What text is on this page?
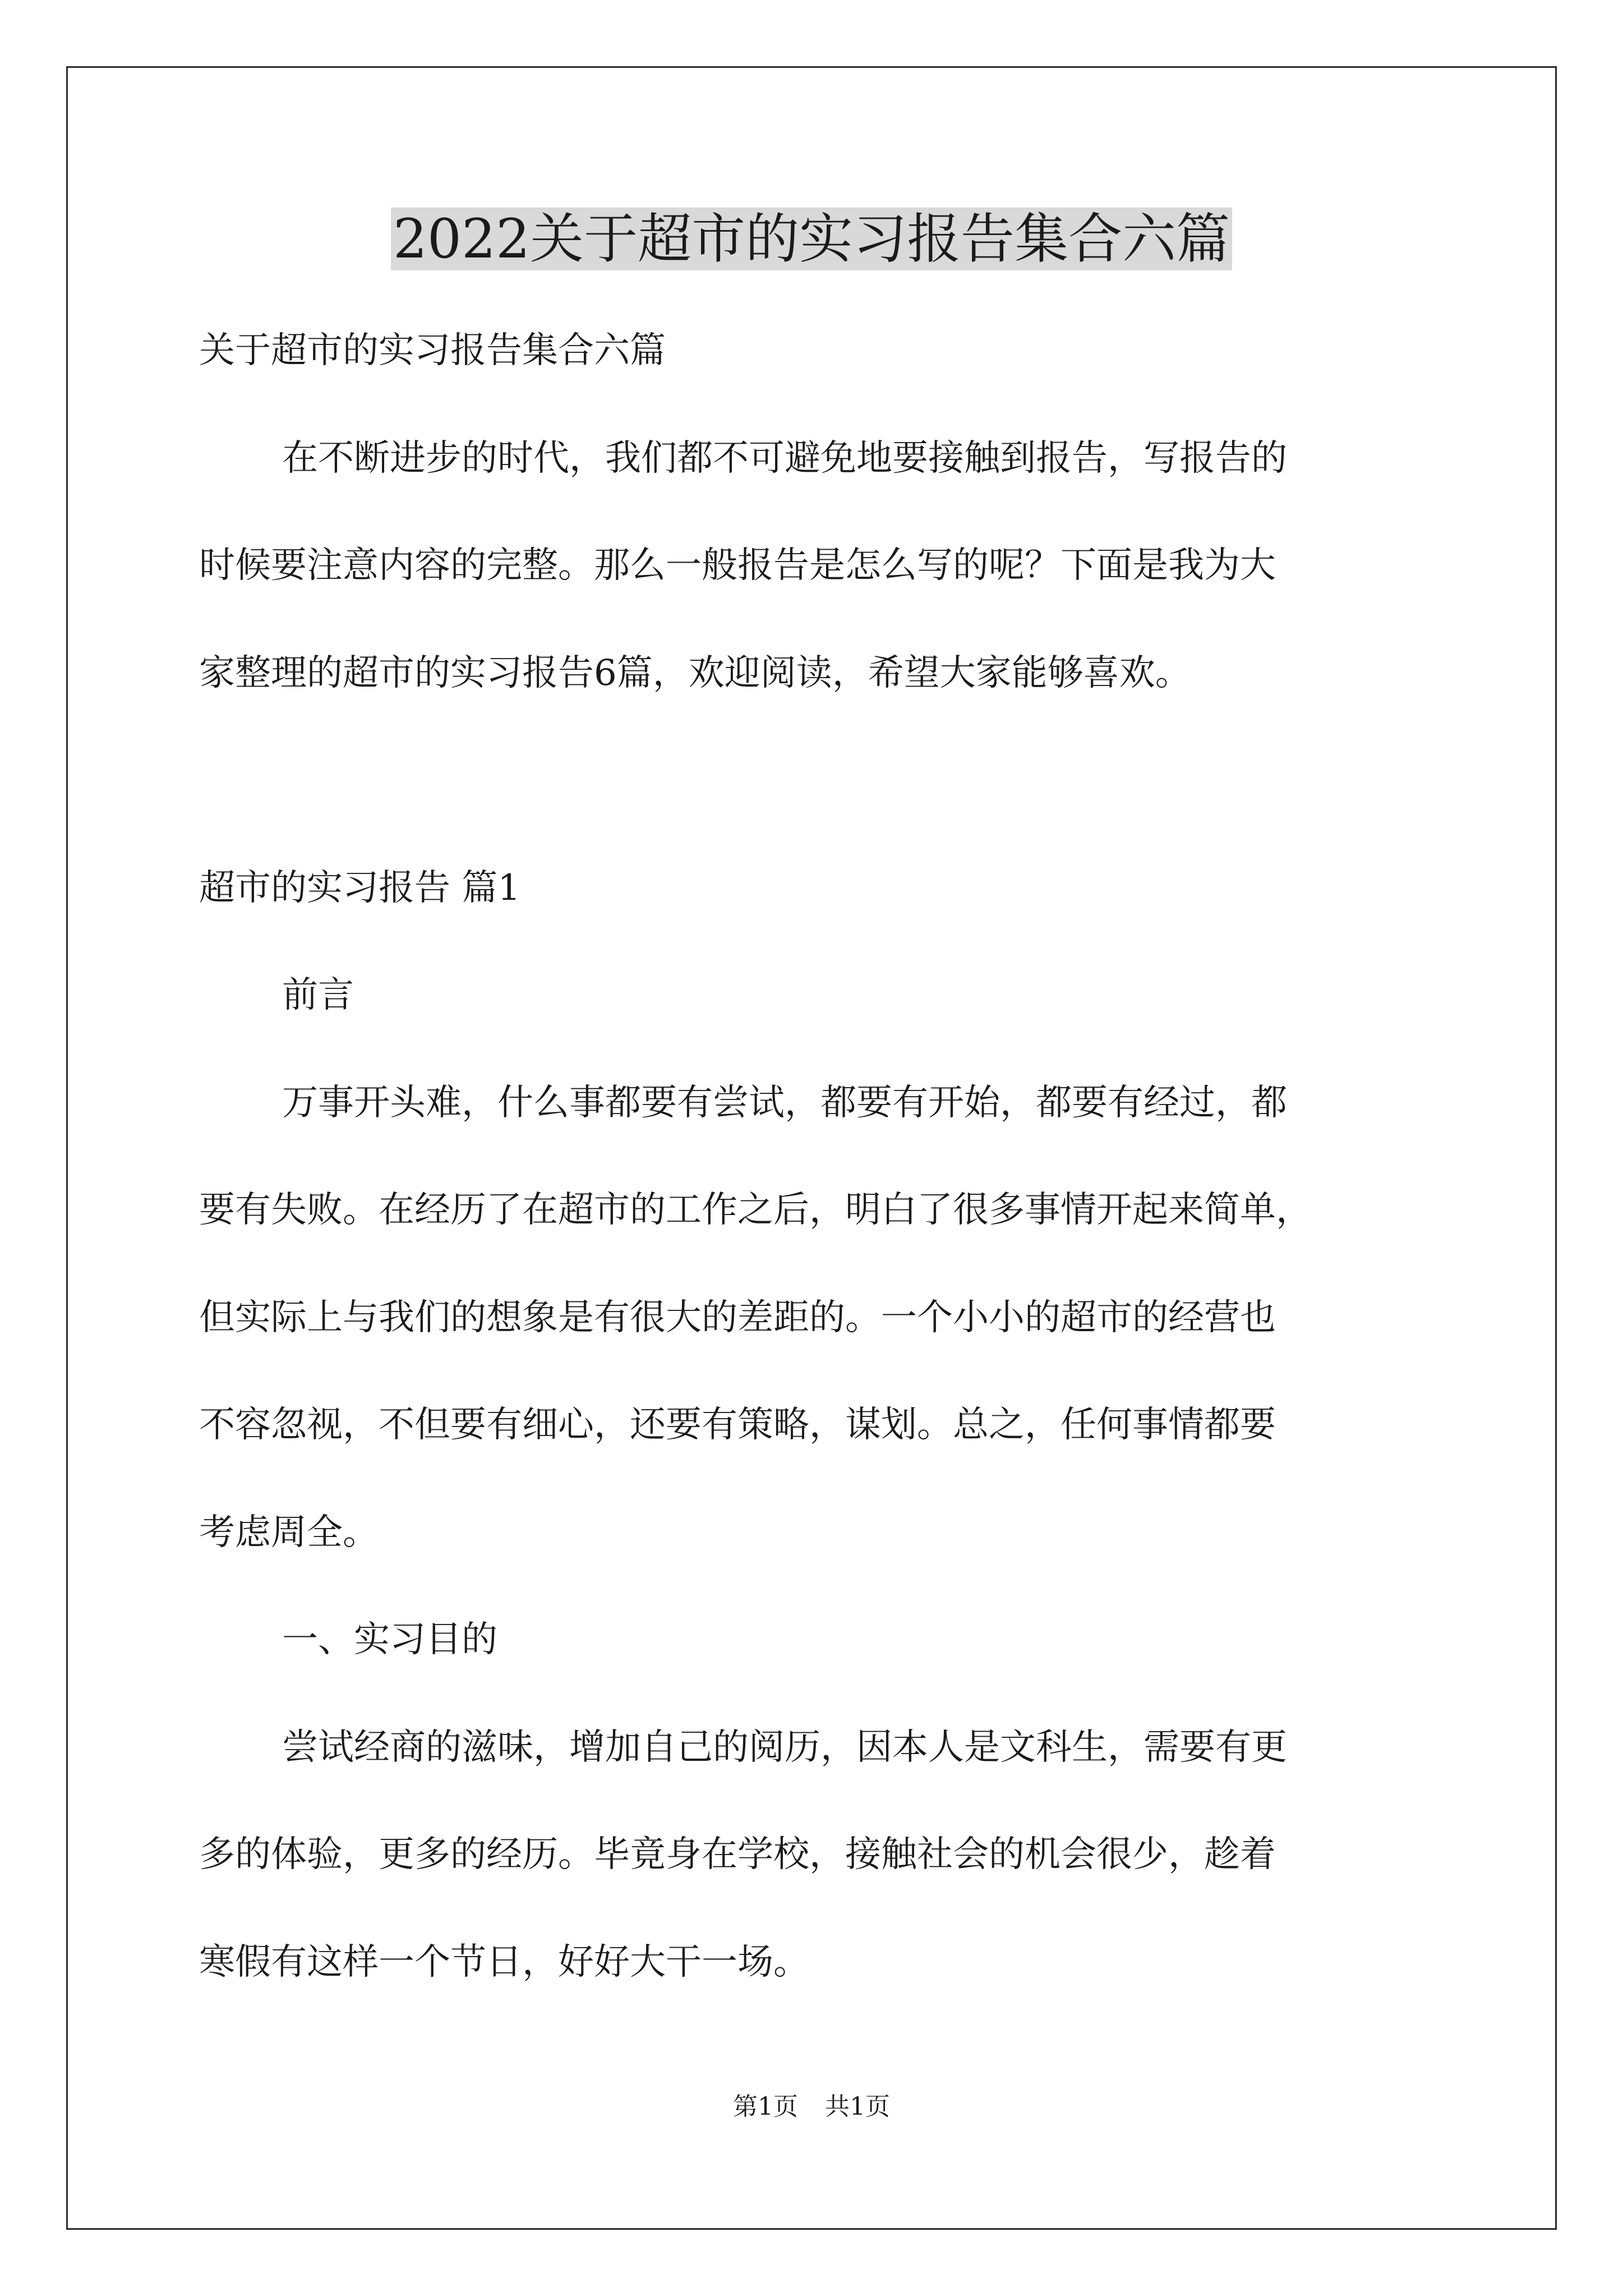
2022关于超市的实习报告集合六篇
关于超市的实习报告集合六篇
在不断进步的时代，我们都不可避免地要接触到报告，写报告的
时候要注意内容的完整。那么一般报告是怎么写的呢？下面是我为大
家整理的超市的实习报告6篇，欢迎阅读，希望大家能够喜欢。
超市的实习报告 篇1
前言
万事开头难，什么事都要有尝试，都要有开始，都要有经过，都
要有失败。在经历了在超市的工作之后，明白了很多事情开起来简单，
但实际上与我们的想象是有很大的差距的。一个小小的超市的经营也
不容忽视，不但要有细心，还要有策略，谋划。总之，任何事情都要
考虑周全。
一、实习目的
尝试经商的滋味，增加自己的阅历，因本人是文科生，需要有更
多的体验，更多的经历。毕竟身在学校，接触社会的机会很少，趁着
寒假有这样一个节日，好好大干一场。
第1页 共1页
